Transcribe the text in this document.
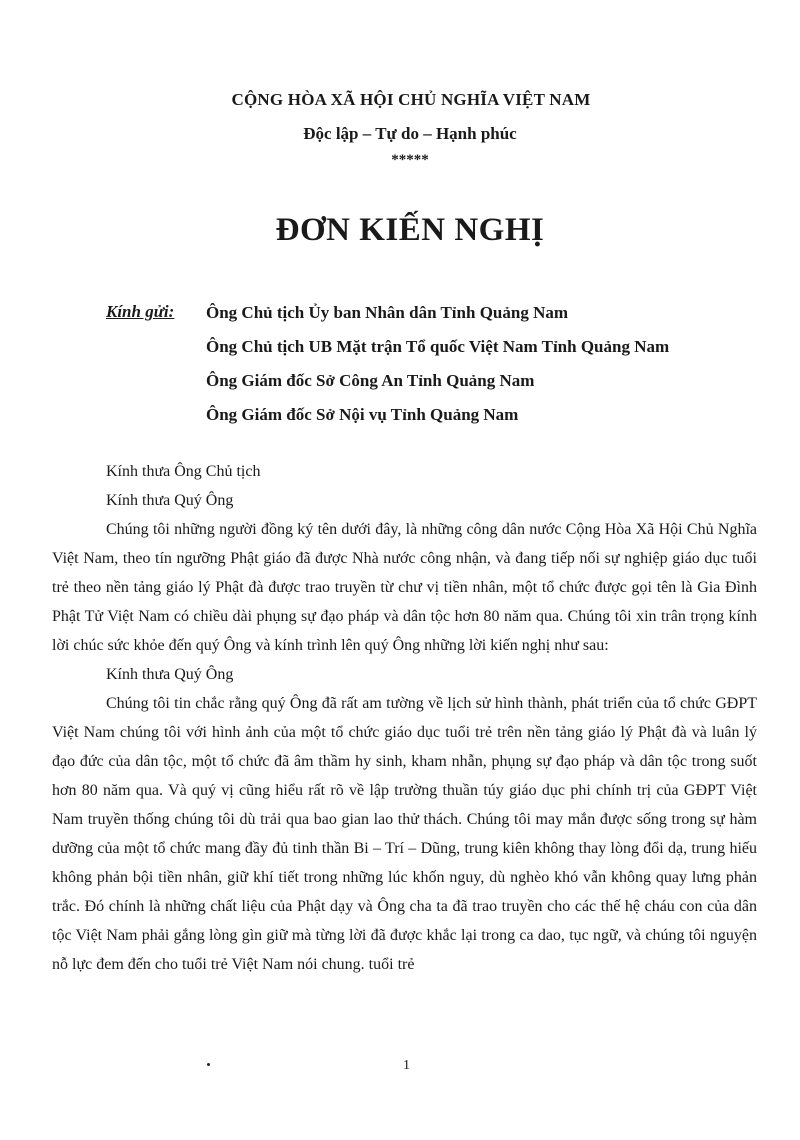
CỘNG HÒA XÃ HỘI CHỦ NGHĨA VIỆT NAM
Độc lập – Tự do – Hạnh phúc
*****
ĐƠN KIẾN NGHỊ
Kính gửi: Ông Chủ tịch Ủy ban Nhân dân Tỉnh Quảng Nam
Ông Chủ tịch UB Mặt trận Tổ quốc Việt Nam Tỉnh Quảng Nam
Ông Giám đốc Sở Công An Tỉnh Quảng Nam
Ông Giám đốc Sở Nội vụ Tỉnh Quảng Nam

Kính thưa Ông Chủ tịch

Kính thưa Quý Ông

Chúng tôi những người đồng ký tên dưới đây, là những công dân nước Cộng Hòa Xã Hội Chủ Nghĩa Việt Nam, theo tín ngưỡng Phật giáo đã được Nhà nước công nhận, và đang tiếp nối sự nghiệp giáo dục tuổi trẻ theo nền tảng giáo lý Phật đà được trao truyền từ chư vị tiền nhân, một tổ chức được gọi tên là Gia Đình Phật Tử Việt Nam có chiều dài phụng sự đạo pháp và dân tộc hơn 80 năm qua. Chúng tôi xin trân trọng kính lời chúc sức khỏe đến quý Ông và kính trình lên quý Ông những lời kiến nghị như sau:

Kính thưa Quý Ông

Chúng tôi tin chắc rằng quý Ông đã rất am tường về lịch sử hình thành, phát triển của tổ chức GĐPT Việt Nam chúng tôi với hình ảnh của một tổ chức giáo dục tuổi trẻ trên nền tảng giáo lý Phật đà và luân lý đạo đức của dân tộc, một tổ chức đã âm thầm hy sinh, kham nhẫn, phụng sự đạo pháp và dân tộc trong suốt hơn 80 năm qua. Và quý vị cũng hiểu rất rõ về lập trường thuần túy giáo dục phi chính trị của GĐPT Việt Nam truyền thống chúng tôi dù trải qua bao gian lao thử thách. Chúng tôi may mắn được sống trong sự hàm dưỡng của một tổ chức mang đầy đủ tinh thần Bi – Trí – Dũng, trung kiên không thay lòng đổi dạ, trung hiếu không phản bội tiền nhân, giữ khí tiết trong những lúc khốn nguy, dù nghèo khó vẫn không quay lưng phản trắc. Đó chính là những chất liệu của Phật dạy và Ông cha ta đã trao truyền cho các thế hệ cháu con của dân tộc Việt Nam phải gắng lòng gìn giữ mà từng lời đã được khắc lại trong ca dao, tục ngữ, và chúng tôi nguyện nỗ lực đem đến cho tuổi trẻ Việt Nam nói chung. tuổi trẻ

1
